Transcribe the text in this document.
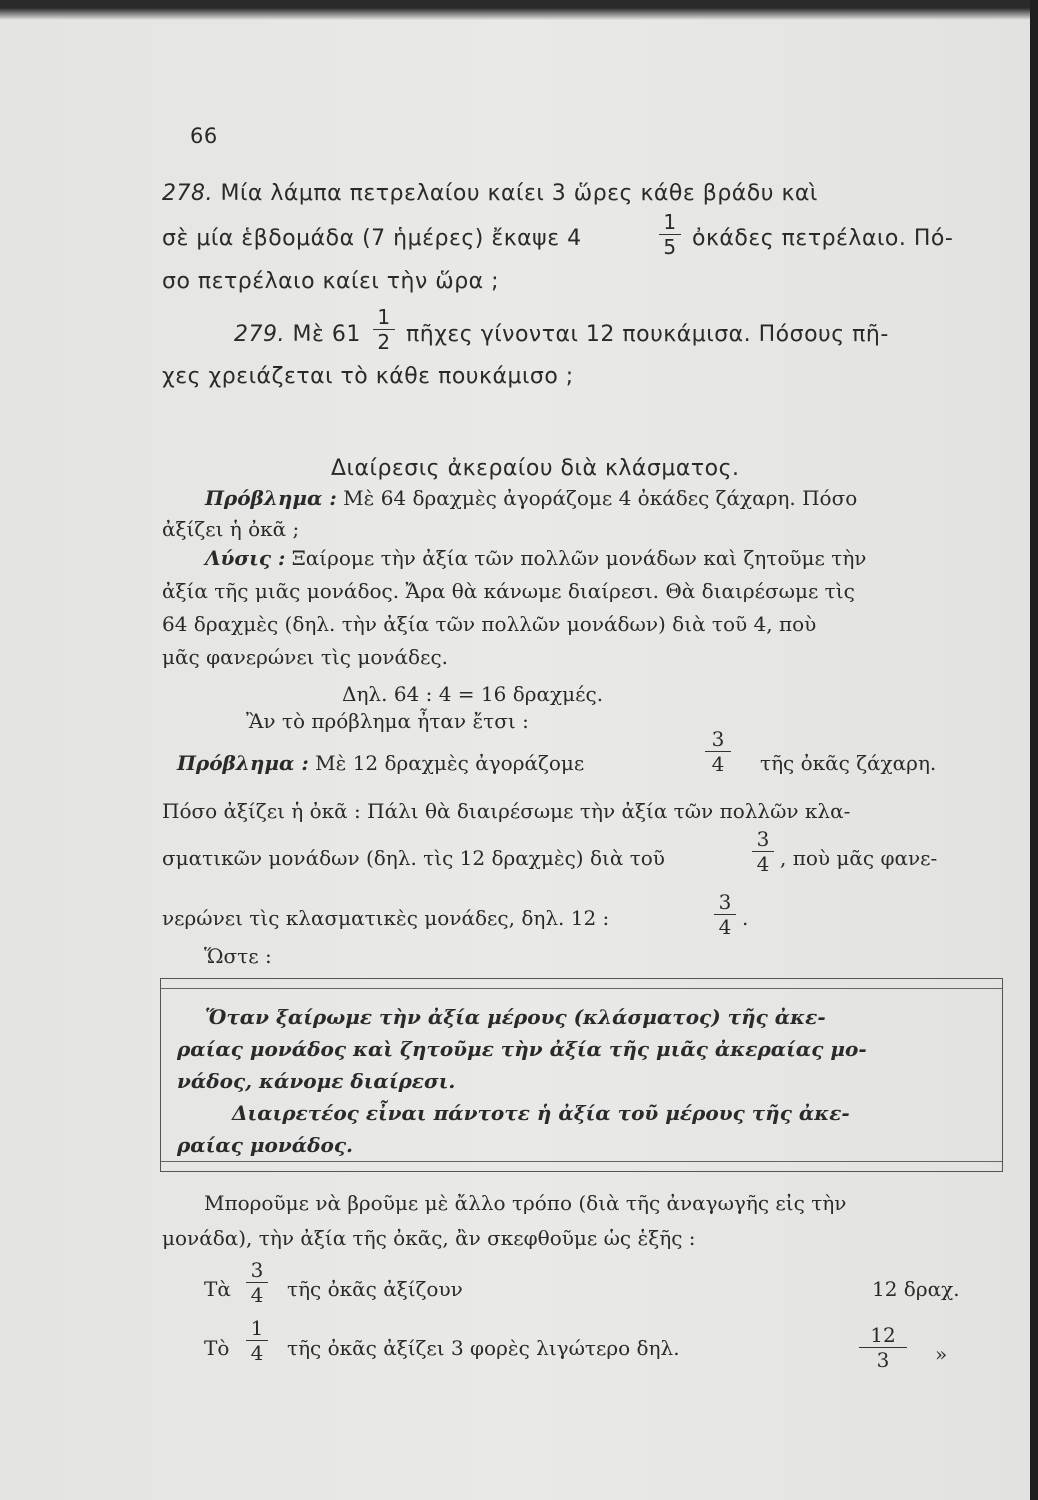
66
278. Μία λάμπα πετρελαίου καίει 3 ὥρες κάθε βράδυ καὶ
σὲ μία ἑβδομάδα (7 ἡμέρες) ἔκαψε 4
1
5 ὀκάδες πετρέλαιο. Πό-
σο πετρέλαιο καίει τὴν ὥρα ;
279. Μὲ 61
1
2 πῆχες γίνονται 12 πουκάμισα. Πόσους πῆ-
χες χρειάζεται τὸ κάθε πουκάμισο ;
Διαίρεσις ἀκεραίου διὰ κλάσματος.
Πρόβλημα : Μὲ 64 δραχμὲς ἀγοράζομε 4 ὀκάδες ζάχαρη. Πόσο
ἀξίζει ἡ ὀκᾶ ;
Λύσις : Ξαίρομε τὴν ἀξία τῶν πολλῶν μονάδων καὶ ζητοῦμε τὴν
ἀξία τῆς μιᾶς μονάδος. Ἄρα θὰ κάνωμε διαίρεσι. Θὰ διαιρέσωμε τὶς
64 δραχμὲς (δηλ. τὴν ἀξία τῶν πολλῶν μονάδων) διὰ τοῦ 4, ποὺ
μᾶς φανερώνει τὶς μονάδες.
Δηλ. 64 : 4 = 16 δραχμές.
Ἂν τὸ πρόβλημα ἦταν ἔτσι :
Πρόβλημα : Μὲ 12 δραχμὲς ἀγοράζομε
3
4	τῆς ὀκᾶς ζάχαρη.
Πόσο ἀξίζει ἡ ὀκᾶ : Πάλι θὰ διαιρέσωμε τὴν ἀξία τῶν πολλῶν κλα-
σματικῶν μονάδων (δηλ. τὶς 12 δραχμὲς) διὰ τοῦ
3
4 , ποὺ μᾶς φανε-
νερώνει τὶς κλασματικὲς μονάδες, δηλ. 12 :
3
4 .
Ὥστε :
Ὅταν ξαίρωμε τὴν ἀξία μέρους (κλάσματος) τῆς ἀκε-
ραίας μονάδος καὶ ζητοῦμε τὴν ἀξία τῆς μιᾶς ἀκεραίας μο-
νάδος, κάνομε διαίρεσι.
Διαιρετέος εἶναι πάντοτε ἡ ἀξία τοῦ μέρους τῆς ἀκε-
ραίας μονάδος.
Μποροῦμε νὰ βροῦμε μὲ ἄλλο τρόπο (διὰ τῆς ἀναγωγῆς εἰς τὴν
μονάδα), τὴν ἀξία τῆς ὀκᾶς, ἂν σκεφθοῦμε ὡς ἑξῆς :
Τὰ
3
4 τῆς ὀκᾶς ἀξίζουν	12 δραχ.
Τὸ
1
4 τῆς ὀκᾶς ἀξίζει 3 φορὲς λιγώτερο δηλ.
12
3	»
